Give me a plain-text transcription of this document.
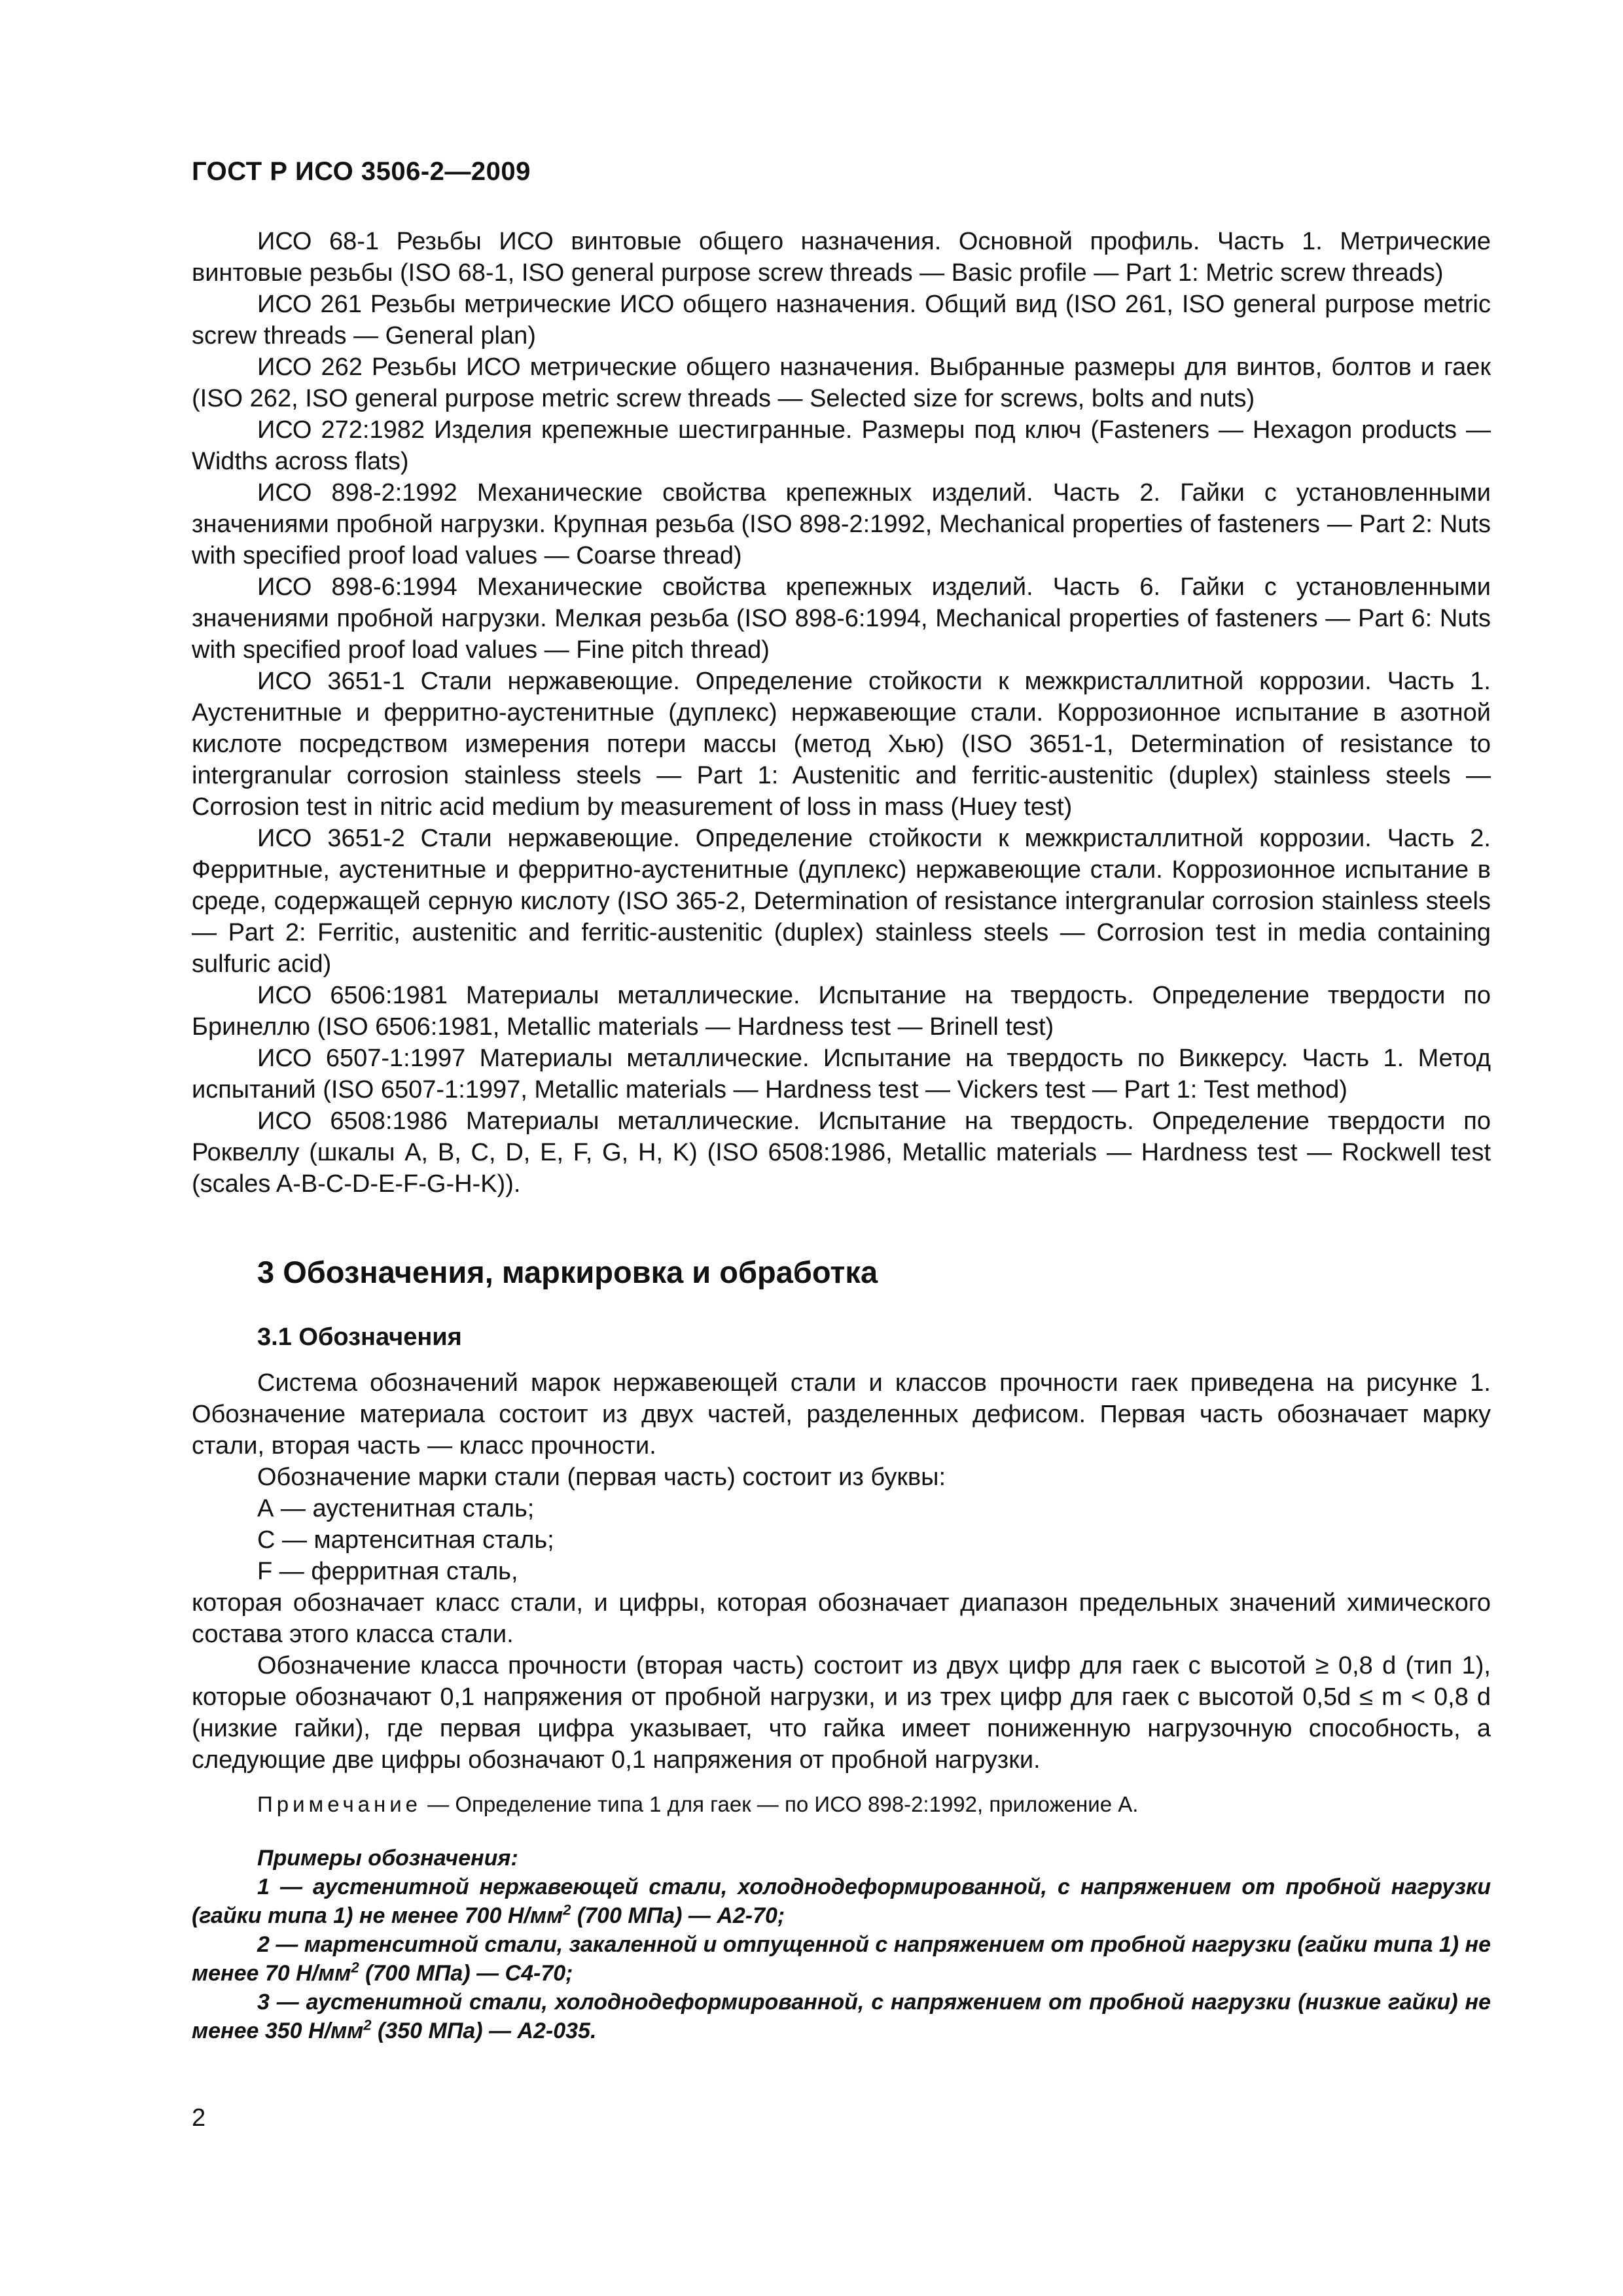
ГОСТ Р ИСО 3506-2—2009

ИСО 68-1 Резьбы ИСО винтовые общего назначения. Основной профиль. Часть 1. Метрические винтовые резьбы (ISO 68-1, ISO general purpose screw threads — Basic profile — Part 1: Metric screw threads)

ИСО 261 Резьбы метрические ИСО общего назначения. Общий вид (ISO 261, ISO general purpose metric screw threads — General plan)

ИСО 262 Резьбы ИСО метрические общего назначения. Выбранные размеры для винтов, болтов и гаек (ISO 262, ISO general purpose metric screw threads — Selected size for screws, bolts and nuts)

ИСО 272:1982 Изделия крепежные шестигранные. Размеры под ключ (Fasteners — Hexagon products — Widths across flats)

ИСО 898-2:1992 Механические свойства крепежных изделий. Часть 2. Гайки с установленными значениями пробной нагрузки. Крупная резьба (ISO 898-2:1992, Mechanical properties of fasteners — Part 2: Nuts with specified proof load values — Coarse thread)

ИСО 898-6:1994 Механические свойства крепежных изделий. Часть 6. Гайки с установленными значениями пробной нагрузки. Мелкая резьба (ISO 898-6:1994, Mechanical properties of fasteners — Part 6: Nuts with specified proof load values — Fine pitch thread)

ИСО 3651-1 Стали нержавеющие. Определение стойкости к межкристаллитной коррозии. Часть 1. Аустенитные и ферритно-аустенитные (дуплекс) нержавеющие стали. Коррозионное испытание в азотной кислоте посредством измерения потери массы (метод Хью) (ISO 3651-1, Determination of resistance to intergranular corrosion stainless steels — Part 1: Austenitic and ferritic-austenitic (duplex) stainless steels — Corrosion test in nitric acid medium by measurement of loss in mass (Huey test)

ИСО 3651-2 Стали нержавеющие. Определение стойкости к межкристаллитной коррозии. Часть 2. Ферритные, аустенитные и ферритно-аустенитные (дуплекс) нержавеющие стали. Коррозионное испытание в среде, содержащей серную кислоту (ISO 365-2, Determination of resistance intergranular corrosion stainless steels — Part 2: Ferritic, austenitic and ferritic-austenitic (duplex) stainless steels — Corrosion test in media containing sulfuric acid)

ИСО 6506:1981 Материалы металлические. Испытание на твердость. Определение твердости по Бринеллю (ISO 6506:1981, Metallic materials — Hardness test — Brinell test)

ИСО 6507-1:1997 Материалы металлические. Испытание на твердость по Виккерсу. Часть 1. Метод испытаний (ISO 6507-1:1997, Metallic materials — Hardness test — Vickers test — Part 1: Test method)

ИСО 6508:1986 Материалы металлические. Испытание на твердость. Определение твердости по Роквеллу (шкалы А, В, С, D, Е, F, G, Н, K) (ISO 6508:1986, Metallic materials — Hardness test — Rockwell test (scales A-B-C-D-E-F-G-H-K)).

3 Обозначения, маркировка и обработка
3.1 Обозначения

Система обозначений марок нержавеющей стали и классов прочности гаек приведена на рисунке 1. Обозначение материала состоит из двух частей, разделенных дефисом. Первая часть обозначает марку стали, вторая часть — класс прочности.

Обозначение марки стали (первая часть) состоит из буквы:

А — аустенитная сталь;

С — мартенситная сталь;

F — ферритная сталь,

которая обозначает класс стали, и цифры, которая обозначает диапазон предельных значений химического состава этого класса стали.

Обозначение класса прочности (вторая часть) состоит из двух цифр для гаек с высотой ≥ 0,8 d (тип 1), которые обозначают 0,1 напряжения от пробной нагрузки, и из трех цифр для гаек с высотой 0,5d ≤ m < 0,8 d (низкие гайки), где первая цифра указывает, что гайка имеет пониженную нагрузочную способность, а следующие две цифры обозначают 0,1 напряжения от пробной нагрузки.

Примечание — Определение типа 1 для гаек — по ИСО 898-2:1992, приложение А.

Примеры обозначения:

1 — аустенитной нержавеющей стали, холоднодеформированной, с напряжением от пробной нагрузки (гайки типа 1) не менее 700 $Н/мм^2$ (700 МПа) — А2-70;

2 — мартенситной стали, закаленной и отпущенной с напряжением от пробной нагрузки (гайки типа 1) не менее 70 $Н/мм^2$ (700 МПа) — С4-70;

3 — аустенитной стали, холоднодеформированной, с напряжением от пробной нагрузки (низкие гайки) не менее 350 $Н/мм^2$ (350 МПа) — А2-035.

2
